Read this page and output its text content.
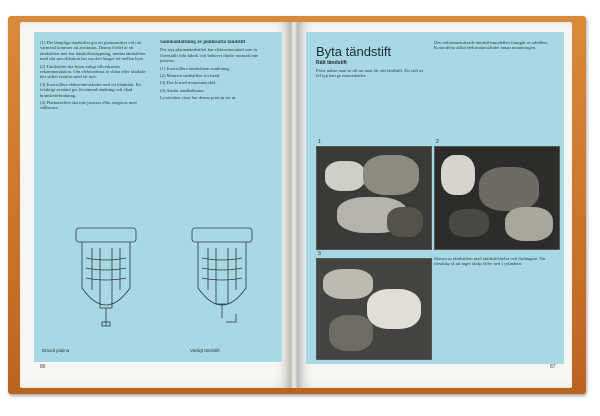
(1) Det lämpliga tändstiftet gör att platinastiftet vid rätt värmetal kommer att användas. Denna fördel är att tändstiften inte har tändstiftssläppning, medan tändstiften med rätt specifikation har mycket längre tid mellan byte.

(2) Tändstiftet ska bytas enligt tillverkarens rekommendation. Om elektroderna är slitna eller skadade bör stiftet ersättas med ett nytt.

(3) Kontrollera elektrodavståndet med ett bladmått. Ett felaktigt avstånd ger försämrad tändning och ökad bränsleförbrukning.

(4) Platinastiften ska inte justeras eller rengöras med stålborste.

Sammanfattning av platinsatta tändstift

Det nya platinatändstiftet har elektrodavstånd som är förinställt från fabrik och behöver därför normalt inte justeras.

(1) Kontrollera tändstiftens märkning.

(2) Montera tändstiften för hand.

(3) Dra åt med momentnyckel.

(4) Anslut tändkablarna.

Lysrörsken visar hur denna princip ser ut.

Brandt platina	Vanligt tändstift
86
Byta tändstift
Rätt tändstift

Först måste man se till att man får rätt tändstift. Ett stift av fel typ kan ge motorskador.

Den rekommenderade tändstiftsmodellen framgår av tabellen. Kontrollera alltid elektrodavståndet innan monteringen.

1	2
3

Skruva ur tändstiften med tändstiftshylsa och förlängare. Var försiktig så att inget skräp faller ned i cylindern.

87
